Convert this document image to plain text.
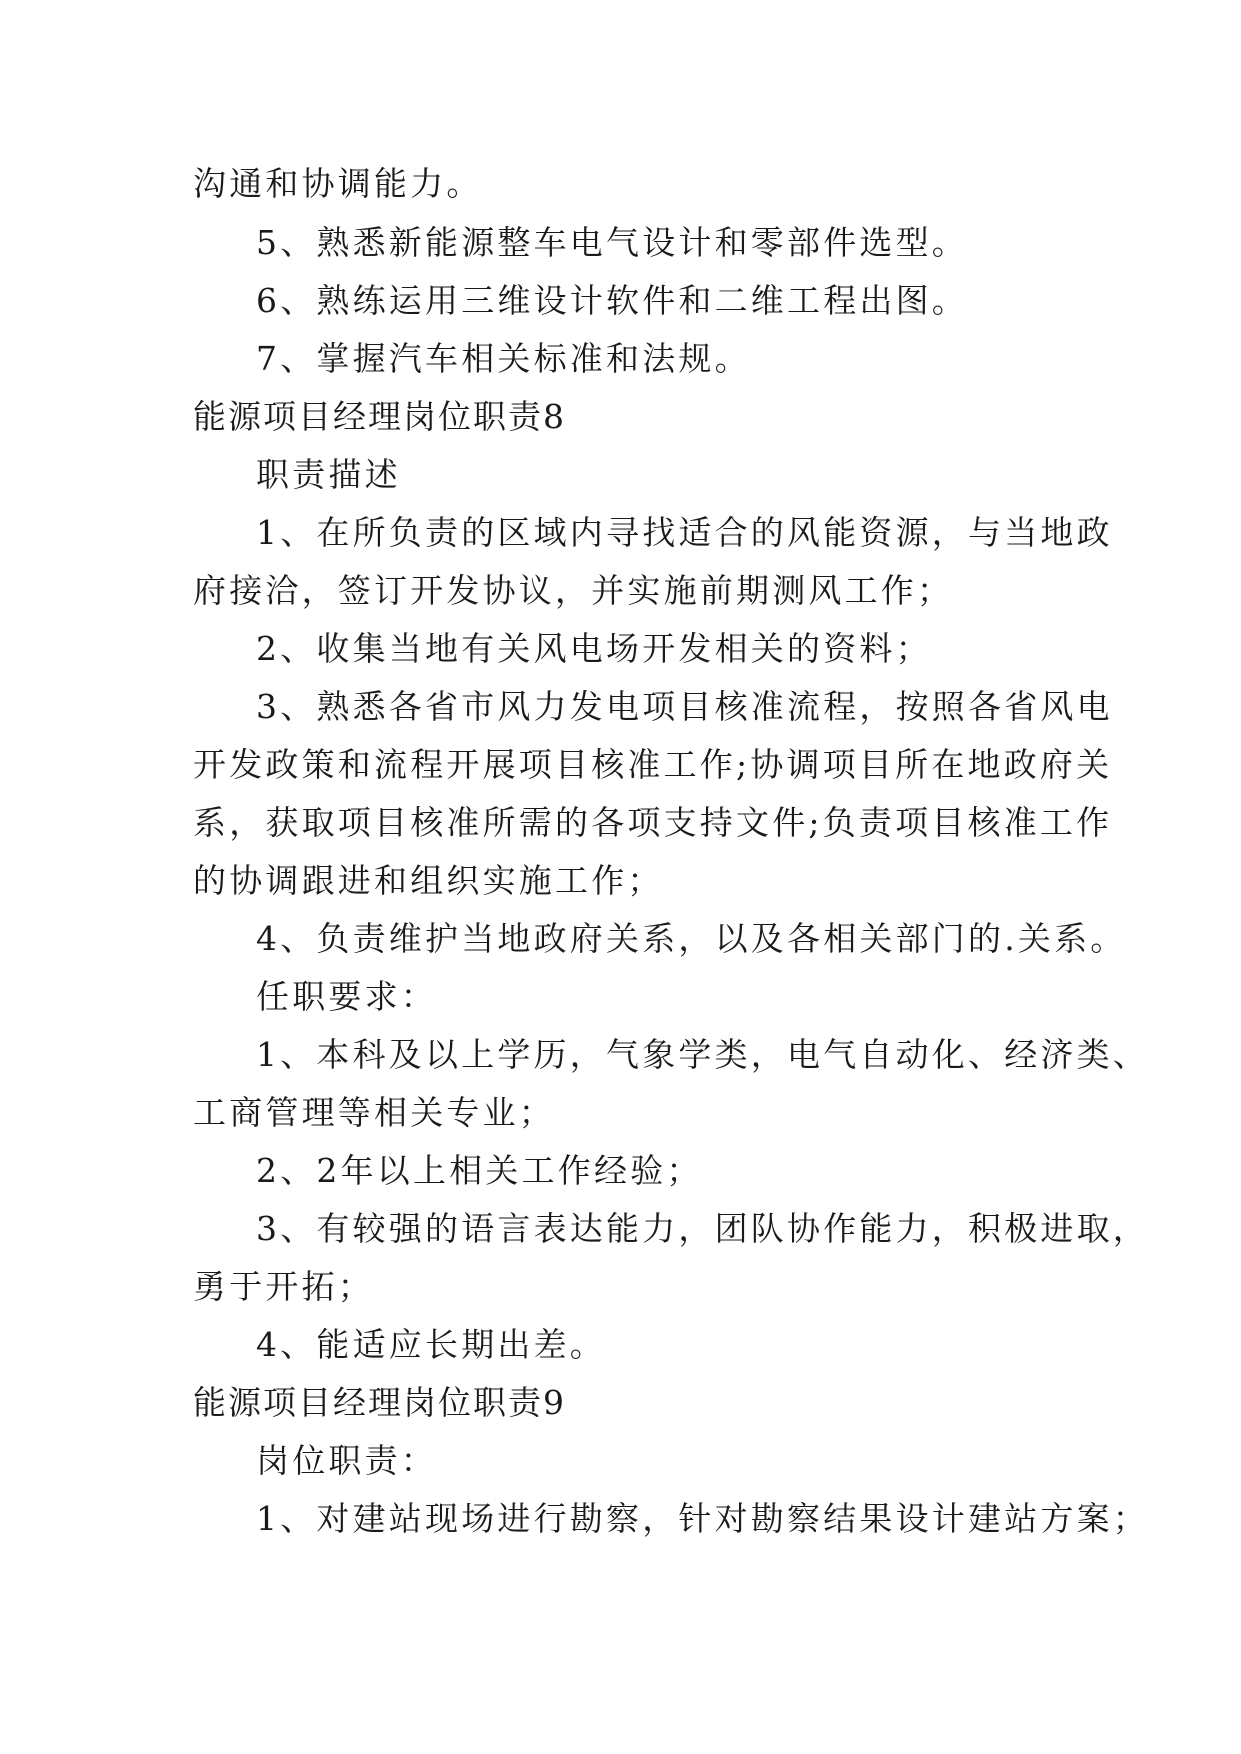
沟通和协调能力。
5、熟悉新能源整车电气设计和零部件选型。
6、熟练运用三维设计软件和二维工程出图。
7、掌握汽车相关标准和法规。
能源项目经理岗位职责8
职责描述
1、在所负责的区域内寻找适合的风能资源，与当地政
府接洽，签订开发协议，并实施前期测风工作；
2、收集当地有关风电场开发相关的资料；
3、熟悉各省市风力发电项目核准流程，按照各省风电
开发政策和流程开展项目核准工作;协调项目所在地政府关
系，获取项目核准所需的各项支持文件;负责项目核准工作
的协调跟进和组织实施工作；
4、负责维护当地政府关系，以及各相关部门的.关系。
任职要求：
1、本科及以上学历，气象学类，电气自动化、经济类、
工商管理等相关专业；
2、2年以上相关工作经验；
3、有较强的语言表达能力，团队协作能力，积极进取，
勇于开拓；
4、能适应长期出差。
能源项目经理岗位职责9
岗位职责：
1、对建站现场进行勘察，针对勘察结果设计建站方案；
